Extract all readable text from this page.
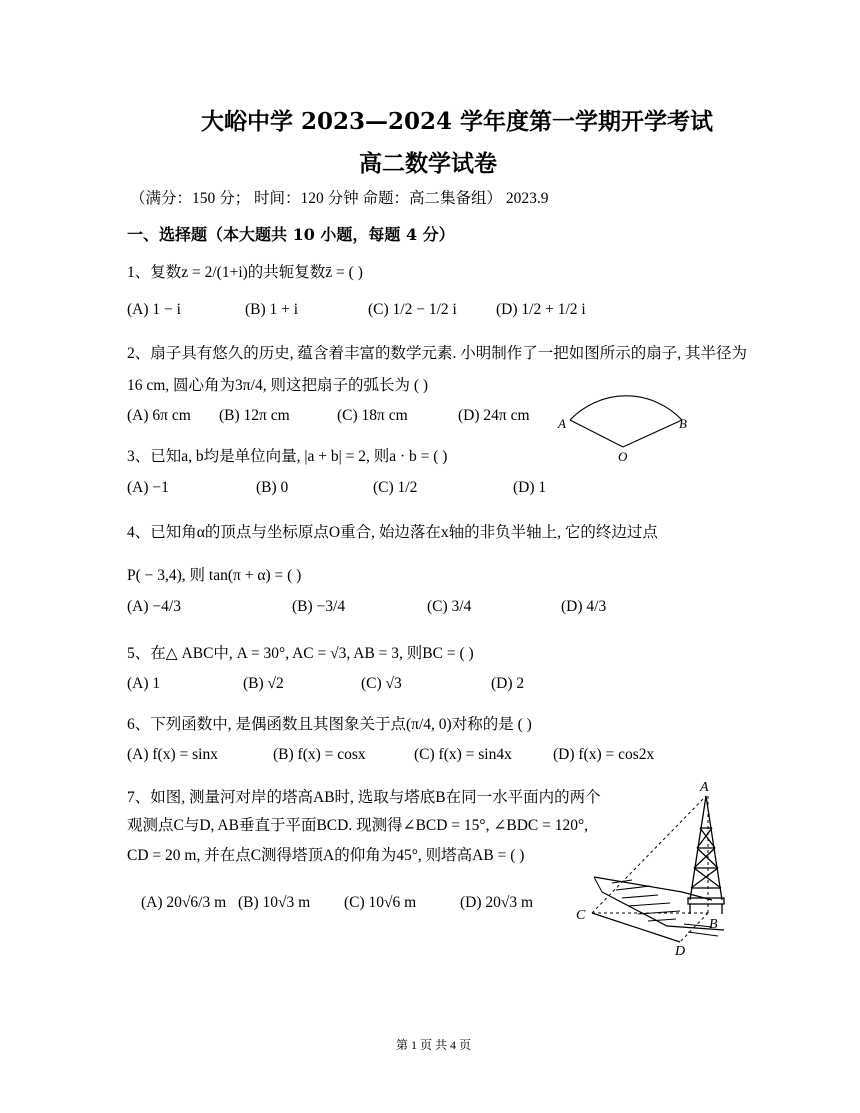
大峪中学 2023—2024 学年度第一学期开学考试
高二数学试卷
（满分：150 分； 时间：120 分钟 命题：高二集备组） 2023.9
一、选择题（本大题共 10 小题，每题 4 分）
1、复数z = 2/(1+i)的共轭复数z̄ = ( )
(A) 1 − i	(B) 1 + i	(C) 1/2 − 1/2 i	(D) 1/2 + 1/2 i
2、扇子具有悠久的历史, 蕴含着丰富的数学元素. 小明制作了一把如图所示的扇子, 其半径为
16 cm, 圆心角为3π/4, 则这把扇子的弧长为 ( )
(A) 6π cm (B) 12π cm	(C) 18π cm	(D) 24π cm A	B
O
3、已知a, b均是单位向量, |a + b| = 2, 则a · b = ( )
(A) −1	(B) 0	(C) 1/2	(D) 1
4、已知角α的顶点与坐标原点O重合, 始边落在x轴的非负半轴上, 它的终边过点
P( − 3,4), 则 tan(π + α) = ( )
(A) −4/3	(B) −3/4	(C) 3/4	(D) 4/3
5、在△ ABC中, A = 30°, AC = √3, AB = 3, 则BC = ( )
(A) 1	(B) √2	(C) √3	(D) 2
6、下列函数中, 是偶函数且其图象关于点(π/4, 0)对称的是 ( )
(A) f(x) = sinx	(B) f(x) = cosx	(C) f(x) = sin4x	(D) f(x) = cos2x
7、如图, 测量河对岸的塔高AB时, 选取与塔底B在同一水平面内的两个
观测点C与D, AB垂直于平面BCD. 现测得∠BCD = 15°, ∠BDC = 120°,
CD = 20 m, 并在点C测得塔顶A的仰角为45°, 则塔高AB = ( )
(A) 20√6/3 m (B) 10√3 m (C) 10√6 m	(D) 20√3 m
A
B
C
D
第 1 页 共 4 页
